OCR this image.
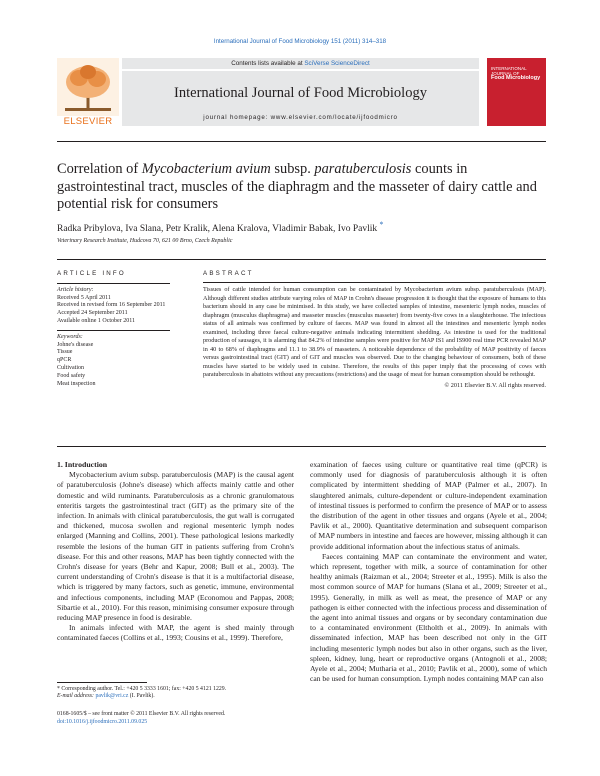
International Journal of Food Microbiology 151 (2011) 314–318
ELSEVIER
Contents lists available at SciVerse ScienceDirect
International Journal of Food Microbiology
journal homepage: www.elsevier.com/locate/ijfoodmicro
INTERNATIONAL JOURNAL OF
Food Microbiology
Correlation of Mycobacterium avium subsp. paratuberculosis counts in gastrointestinal tract, muscles of the diaphragm and the masseter of dairy cattle and potential risk for consumers
Radka Pribylova, Iva Slana, Petr Kralik, Alena Kralova, Vladimir Babak, Ivo Pavlik *
Veterinary Research Institute, Hudcova 70, 621 00 Brno, Czech Republic
ARTICLE INFO
Article history:
Received 5 April 2011
Received in revised form 16 September 2011
Accepted 24 September 2011
Available online 1 October 2011
Keywords:
Johne's disease
Tissue
qPCR
Cultivation
Food safety
Meat inspection
ABSTRACT
Tissues of cattle intended for human consumption can be contaminated by Mycobacterium avium subsp. paratuberculosis (MAP). Although different studies attribute varying roles of MAP in Crohn's disease progression it is thought that the exposure of humans to this bacterium should in any case be minimised. In this study, we have collected samples of intestine, mesenteric lymph nodes, muscles of diaphragm (musculus diaphragma) and masseter muscles (musculus masseter) from twenty-five cows in a slaughterhouse. The infectious status of all animals was confirmed by culture of faeces. MAP was found in almost all the intestines and mesenteric lymph nodes examined, including three faecal culture-negative animals indicating intermittent shedding. As intestine is used for the traditional production of sausages, it is alarming that 84.2% of intestine samples were positive for MAP IS1 and IS900 real time PCR revealed MAP in 40 to 68% of diaphragms and 11.1 to 38.9% of masseters. A noticeable dependence of the probability of MAP positivity of faeces versus gastrointestinal tract (GIT) and of GIT and muscles was observed. Due to the changing behaviour of consumers, both of these muscles have started to be widely used in cuisine. Therefore, the results of this paper imply that the processing of cows with paratuberculosis in abattoirs without any precautions (restrictions) and the usage of meat for human consumption should be rethought.
© 2011 Elsevier B.V. All rights reserved.

1. Introduction

Mycobacterium avium subsp. paratuberculosis (MAP) is the causal agent of paratuberculosis (Johne's disease) which affects mainly cattle and other domestic and wild ruminants. Paratuberculosis as a chronic granulomatous enteritis targets the gastrointestinal tract (GIT) as the primary site of the infection. In animals with clinical paratuberculosis, the gut wall is corrugated and thickened, mucosa swollen and regional mesenteric lymph nodes enlarged (Manning and Collins, 2001). These pathological lesions markedly resemble the lesions of the human GIT in patients suffering from Crohn's disease. For this and other reasons, MAP has been tightly connected with the Crohn's disease for years (Behr and Kapur, 2008; Bull et al., 2003). The current understanding of Crohn's disease is that it is a multifactorial disease, which is triggered by many factors, such as genetic, immune, environmental and infectious components, including MAP (Economou and Pappas, 2008; Sibartie et al., 2010). For this reason, minimising consumer exposure through reducing MAP presence in food is desirable.

In animals infected with MAP, the agent is shed mainly through contaminated faeces (Collins et al., 1993; Cousins et al., 1999). Therefore,

examination of faeces using culture or quantitative real time (qPCR) is commonly used for diagnosis of paratuberculosis although it is often complicated by intermittent shedding of MAP (Palmer et al., 2007). In slaughtered animals, culture-dependent or culture-independent examination of intestinal tissues is performed to confirm the presence of MAP or to assess the distribution of the agent in other tissues and organs (Ayele et al., 2004; Pavlik et al., 2000). Quantitative determination and subsequent comparison of MAP numbers in intestine and faeces are however, missing although it can provide additional information about the infectious status of animals.

Faeces containing MAP can contaminate the environment and water, which represent, together with milk, a source of contamination for other healthy animals (Raizman et al., 2004; Streeter et al., 1995). Milk is also the most common source of MAP for humans (Slana et al., 2009; Streeter et al., 1995). Generally, in milk as well as meat, the presence of MAP or any pathogen is either connected with the infectious process and dissemination of the agent into animal tissues and organs or by secondary contamination due to a contaminated environment (Eltholth et al., 2009). In animals with disseminated infection, MAP has been described not only in the GIT including mesenteric lymph nodes but also in other organs, such as the liver, spleen, kidney, lung, heart or reproductive organs (Antognoli et al., 2008; Ayele et al., 2004; Mutharia et al., 2010; Pavlik et al., 2000), some of which can be used for human consumption. Lymph nodes containing MAP can also

* Corresponding author. Tel.: +420 5 3333 1601; fax: +420 5 4121 1229.
E-mail address: pavlik@vri.cz (I. Pavlik).
0168-1605/$ – see front matter © 2011 Elsevier B.V. All rights reserved.
doi:10.1016/j.ijfoodmicro.2011.09.025
